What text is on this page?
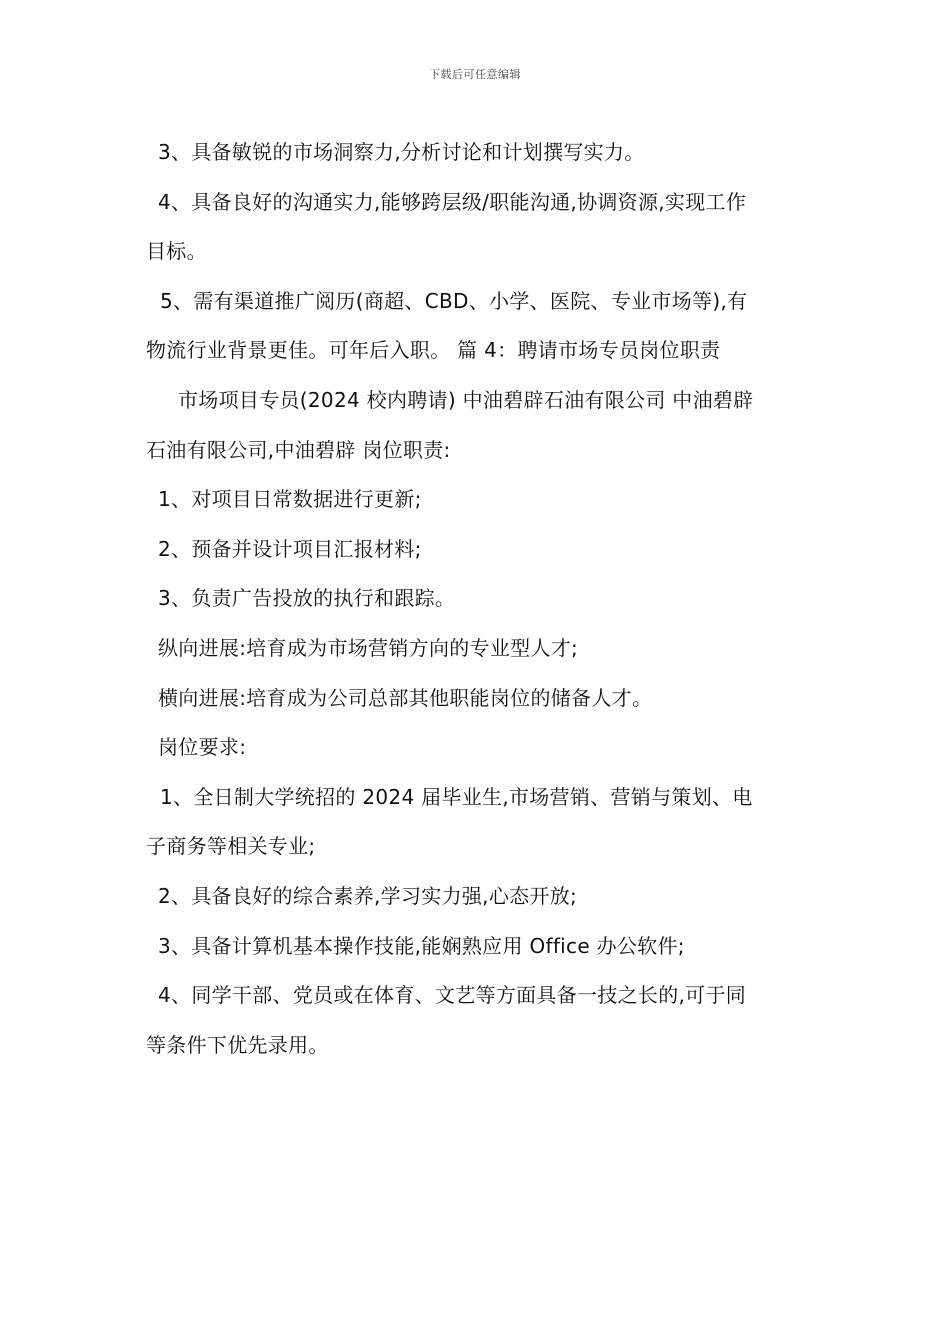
下载后可任意编辑
3、具备敏锐的市场洞察力,分析讨论和计划撰写实力。
4、具备良好的沟通实力,能够跨层级/职能沟通,协调资源,实现工作
目标。
5、需有渠道推广阅历(商超、CBD、小学、医院、专业市场等),有
物流行业背景更佳。可年后入职。 篇 4：聘请市场专员岗位职责
市场项目专员(2024 校内聘请) 中油碧辟石油有限公司 中油碧辟
石油有限公司,中油碧辟 岗位职责:
1、对项目日常数据进行更新;
2、预备并设计项目汇报材料;
3、负责广告投放的执行和跟踪。
纵向进展:培育成为市场营销方向的专业型人才;
横向进展:培育成为公司总部其他职能岗位的储备人才。
岗位要求:
1、全日制大学统招的 2024 届毕业生,市场营销、营销与策划、电
子商务等相关专业;
2、具备良好的综合素养,学习实力强,心态开放;
3、具备计算机基本操作技能,能娴熟应用 Office 办公软件;
4、同学干部、党员或在体育、文艺等方面具备一技之长的,可于同
等条件下优先录用。
